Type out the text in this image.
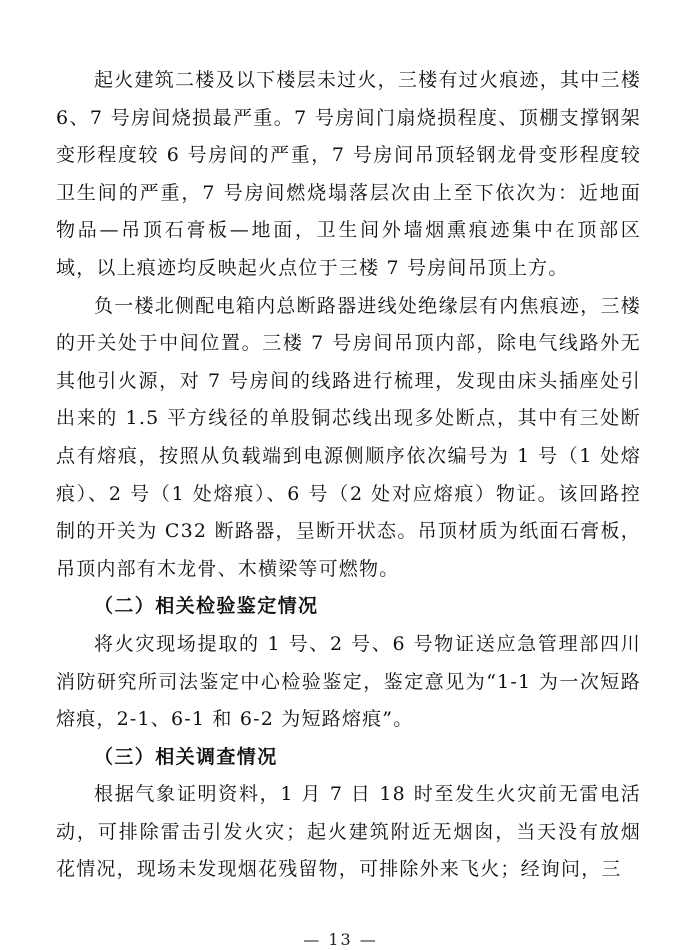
起火建筑二楼及以下楼层未过火，三楼有过火痕迹，其中三楼 6、7 号房间烧损最严重。7 号房间门扇烧损程度、顶棚支撑钢架变形程度较 6 号房间的严重，7 号房间吊顶轻钢龙骨变形程度较卫生间的严重，7 号房间燃烧塌落层次由上至下依次为：近地面物品—吊顶石膏板—地面，卫生间外墙烟熏痕迹集中在顶部区域，以上痕迹均反映起火点位于三楼 7 号房间吊顶上方。

负一楼北侧配电箱内总断路器进线处绝缘层有内焦痕迹，三楼的开关处于中间位置。三楼 7 号房间吊顶内部，除电气线路外无其他引火源，对 7 号房间的线路进行梳理，发现由床头插座处引出来的 1.5 平方线径的单股铜芯线出现多处断点，其中有三处断点有熔痕，按照从负载端到电源侧顺序依次编号为 1 号（1 处熔痕）、2 号（1 处熔痕）、6 号（2 处对应熔痕）物证。该回路控制的开关为 C32 断路器，呈断开状态。吊顶材质为纸面石膏板，吊顶内部有木龙骨、木横梁等可燃物。

（二）相关检验鉴定情况

将火灾现场提取的 1 号、2 号、6 号物证送应急管理部四川消防研究所司法鉴定中心检验鉴定，鉴定意见为“1-1 为一次短路熔痕，2-1、6-1 和 6-2 为短路熔痕”。

（三）相关调查情况

根据气象证明资料，1 月 7 日 18 时至发生火灾前无雷电活动，可排除雷击引发火灾；起火建筑附近无烟囱，当天没有放烟花情况，现场未发现烟花残留物，可排除外来飞火；经询问，三

— 13 —
